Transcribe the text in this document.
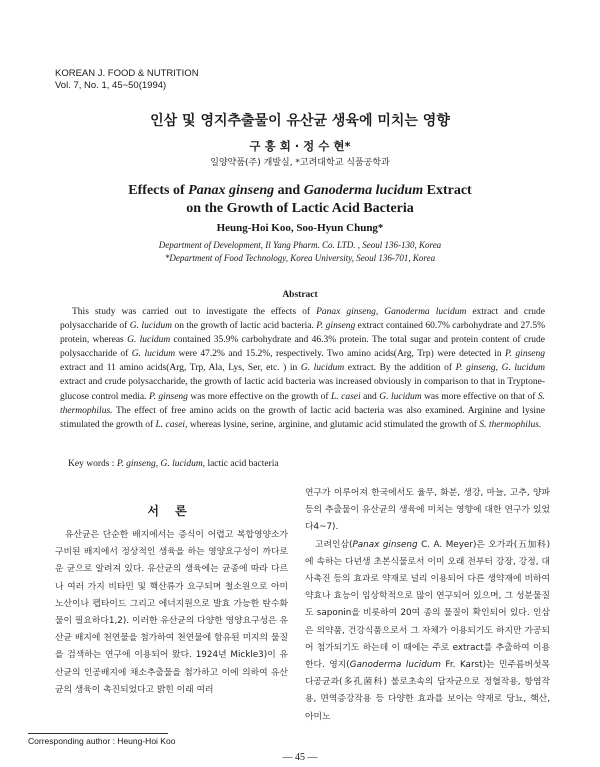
KOREAN J. FOOD & NUTRITION
Vol. 7, No. 1, 45~50(1994)
인삼 및 영지추출물이 유산균 생육에 미치는 영향
구 홍 회 · 정 수 현*
일양약품(주) 개발실, *고려대학교 식품공학과
Effects of Panax ginseng and Ganoderma lucidum Extract
on the Growth of Lactic Acid Bacteria
Heung-Hoi Koo, Soo-Hyun Chung*
Department of Development, Il Yang Pharm. Co. LTD. , Seoul 136-130, Korea
*Department of Food Technology, Korea University, Seoul 136-701, Korea
Abstract
This study was carried out to investigate the effects of Panax ginseng, Ganoderma lucidum extract and crude polysaccharide of G. lucidum on the growth of lactic acid bacteria. P. ginseng extract contained 60.7% carbohydrate and 27.5% protein, whereas G. lucidum contained 35.9% carbohydrate and 46.3% protein. The total sugar and protein content of crude polysaccharide of G. lucidum were 47.2% and 15.2%, respectively. Two amino acids(Arg, Trp) were detected in P. ginseng extract and 11 amino acids(Arg, Trp, Ala, Lys, Ser, etc. ) in G. lucidum extract. By the addition of P. ginseng, G. lucidum extract and crude polysaccharide, the growth of lactic acid bacteria was increased obviously in comparison to that in Tryptone-glucose control media. P. ginseng was more effective on the growth of L. casei and G. lucidum was more effective on that of S. thermophilus. The effect of free amino acids on the growth of lactic acid bacteria was also examined. Arginine and lysine stimulated the growth of L. casei, whereas lysine, serine, arginine, and glutamic acid stimulated the growth of S. thermophilus.
Key words : P. ginseng, G. lucidum, lactic acid bacteria
서 론

유산균은 단순한 배지에서는 증식이 어렵고 복합영양소가 구비된 배지에서 정상적인 생육을 하는 영양요구성이 까다로운 균으로 알려져 있다. 유산균의 생육에는 균종에 따라 다르나 여러 가지 비타민 및 핵산류가 요구되며 철소원으로 아미노산이나 펩타이드 그리고 에너지원으로 발효 가능한 탄수화물이 필요하다1,2). 이러한 유산균의 다양한 영양요구성은 유산균 배지에 천연물을 첨가하여 천연물에 함유된 미지의 물질을 검색하는 연구에 이용되어 왔다. 1924년 Mickle3)이 유산균의 인공배지에 채소추출물을 첨가하고 이에 의하여 유산균의 생육이 촉진되었다고 밝힌 이래 여러

연구가 이루어져 한국에서도 율무, 화분, 생강, 마늘, 고추, 양파 등의 추출물이 유산균의 생육에 미치는 영향에 대한 연구가 있었다4~7).

고려인삼(Panax ginseng C. A. Meyer)은 오가과(五加科)에 속하는 다년생 초본식물로서 이미 오래 전부터 강장, 강정, 대사촉진 등의 효과로 약재로 널리 이용되어 다른 생약재에 비하여 약효나 효능이 임상학적으로 많이 연구되어 있으며, 그 성분물질도 saponin을 비롯하여 20여 종의 물질이 확인되어 있다. 인삼은 의약품, 건강식품으로서 그 자체가 이용되기도 하지만 가공되어 첨가되기도 하는데 이 때에는 주로 extract를 추출하여 이용한다. 영지(Ganoderma lucidum Fr. Karst)는 민주름버섯목 다공균과(多孔菌科) 불로초속의 담자균으로 정혈작용, 항염작용, 면역증강작용 등 다양한 효과를 보이는 약재로 당뇨, 핵산, 아미노

Corresponding author : Heung-Hoi Koo
— 45 —
